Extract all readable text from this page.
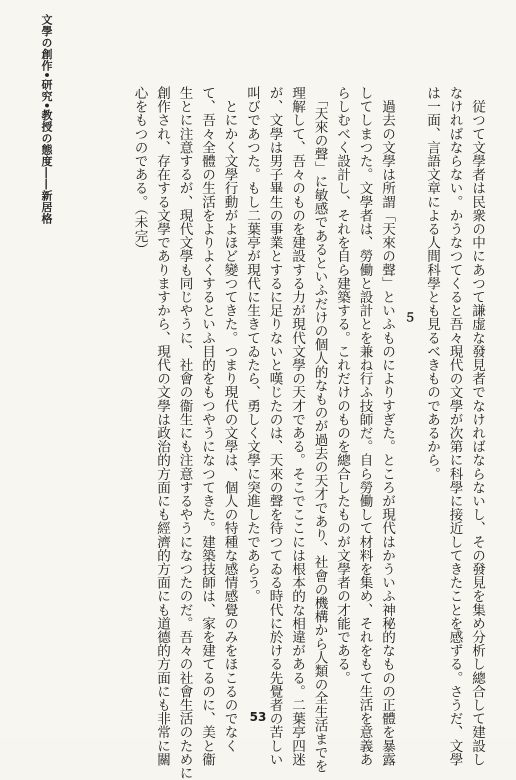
文學の創作•研究•教授の態度――新居格	　従つて文學者は民衆の中にあつて謙虚な發見者でなければならないし、その發見を集め分析し總合して建設し
なければならない。かうなつてくると吾々現代の文學が次第に科學に接近してきたことを感ずる。さうだ、文學
は一面、言語文章による人間科學とも見るべきものであるから。
５
　過去の文學は所謂「天來の聲」といふものによりすぎた。ところが現代はかういふ神秘的なものの正體を暴露
してしまつた。文學者は、勞働と設計とを兼ね行ふ技師だ。自ら勞働して材料を集め、それをもて生活を意義あ
らしむべく設計し、それを自ら建築する。これだけのものを總合したものが文學者の才能である。
　「天來の聲」に敏感であるといふだけの個人的なものが過去の天才であり、社會の機構から人類の全生活までを
理解して、吾々のものを建設する力が現代文學の天才である。そこでここには根本的な相違がある。二葉亭四迷
が、文學は男子畢生の事業とするに足りないと嘆じたのは、天來の聲を待つてゐる時代に於ける先覺者の苦しい
叫びであつた。もし二葉亭が現代に生きてゐたら、勇しく文學に突進したであらう。
　とにかく文學行動がよほど變つてきた。つまり現代の文學は、個人の特種な感情感覺のみをほこるのでなく
て、吾々全體の生活をよりよくするといふ目的をもつやうになつてきた。建築技師は、家を建てるのに、美と衞
生とに注意するが、現代文學も同じやうに、社會の衞生にも注意するやうになつたのだ。吾々の社會生活のために
創作され、存在する文學でありますから、現代の文學は政治的方面にも經濟的方面にも道德的方面にも非常に關
心をもつのである。（未完）
53
